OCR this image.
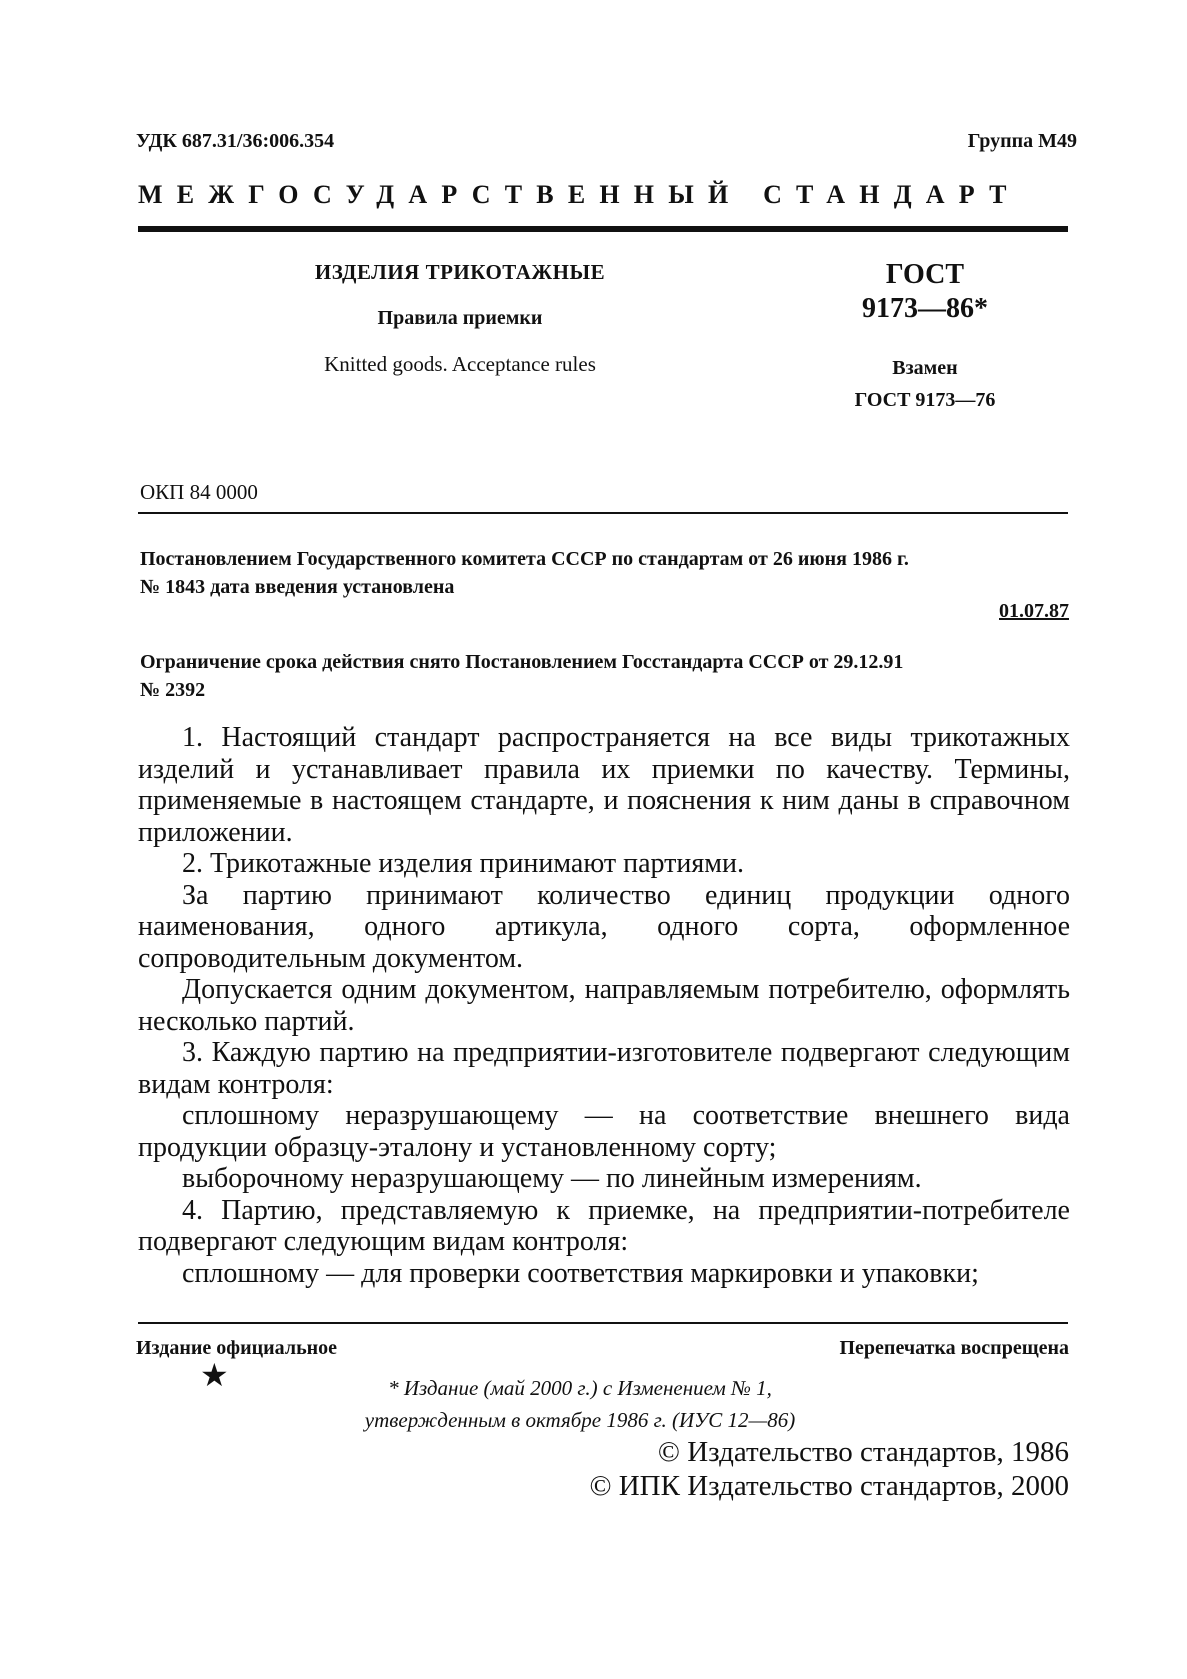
УДК 687.31/36:006.354	Группа М49
МЕЖГОСУДАРСТВЕННЫЙ СТАНДАРТ
ИЗДЕЛИЯ ТРИКОТАЖНЫЕ
Правила приемки
Knitted goods. Acceptance rules
ГОСТ
9173—86*
Взамен
ГОСТ 9173—76
ОКП 84 0000
Постановлением Государственного комитета СССР по стандартам от 26 июня 1986 г.
№ 1843 дата введения установлена
01.07.87
Ограничение срока действия снято Постановлением Госстандарта СССР от 29.12.91
№ 2392

1. Настоящий стандарт распространяется на все виды трикотажных изделий и устанавливает правила их приемки по качеству. Термины, применяемые в настоящем стандарте, и пояснения к ним даны в справочном приложении.

2. Трикотажные изделия принимают партиями.

За партию принимают количество единиц продукции одного наименования, одного артикула, одного сорта, оформленное сопроводительным документом.

Допускается одним документом, направляемым потребителю, оформлять несколько партий.

3. Каждую партию на предприятии-изготовителе подвергают следующим видам контроля:

сплошному неразрушающему — на соответствие внешнего вида продукции образцу-эталону и установленному сорту;

выборочному неразрушающему — по линейным измерениям.

4. Партию, представляемую к приемке, на предприятии-потребителе подвергают следующим видам контроля:

сплошному — для проверки соответствия маркировки и упаковки;

Издание официальное	Перепечатка воспрещена
★	* Издание (май 2000 г.) с Изменением № 1,
утвержденным в октябре 1986 г. (ИУС 12—86)
© Издательство стандартов, 1986
© ИПК Издательство стандартов, 2000
